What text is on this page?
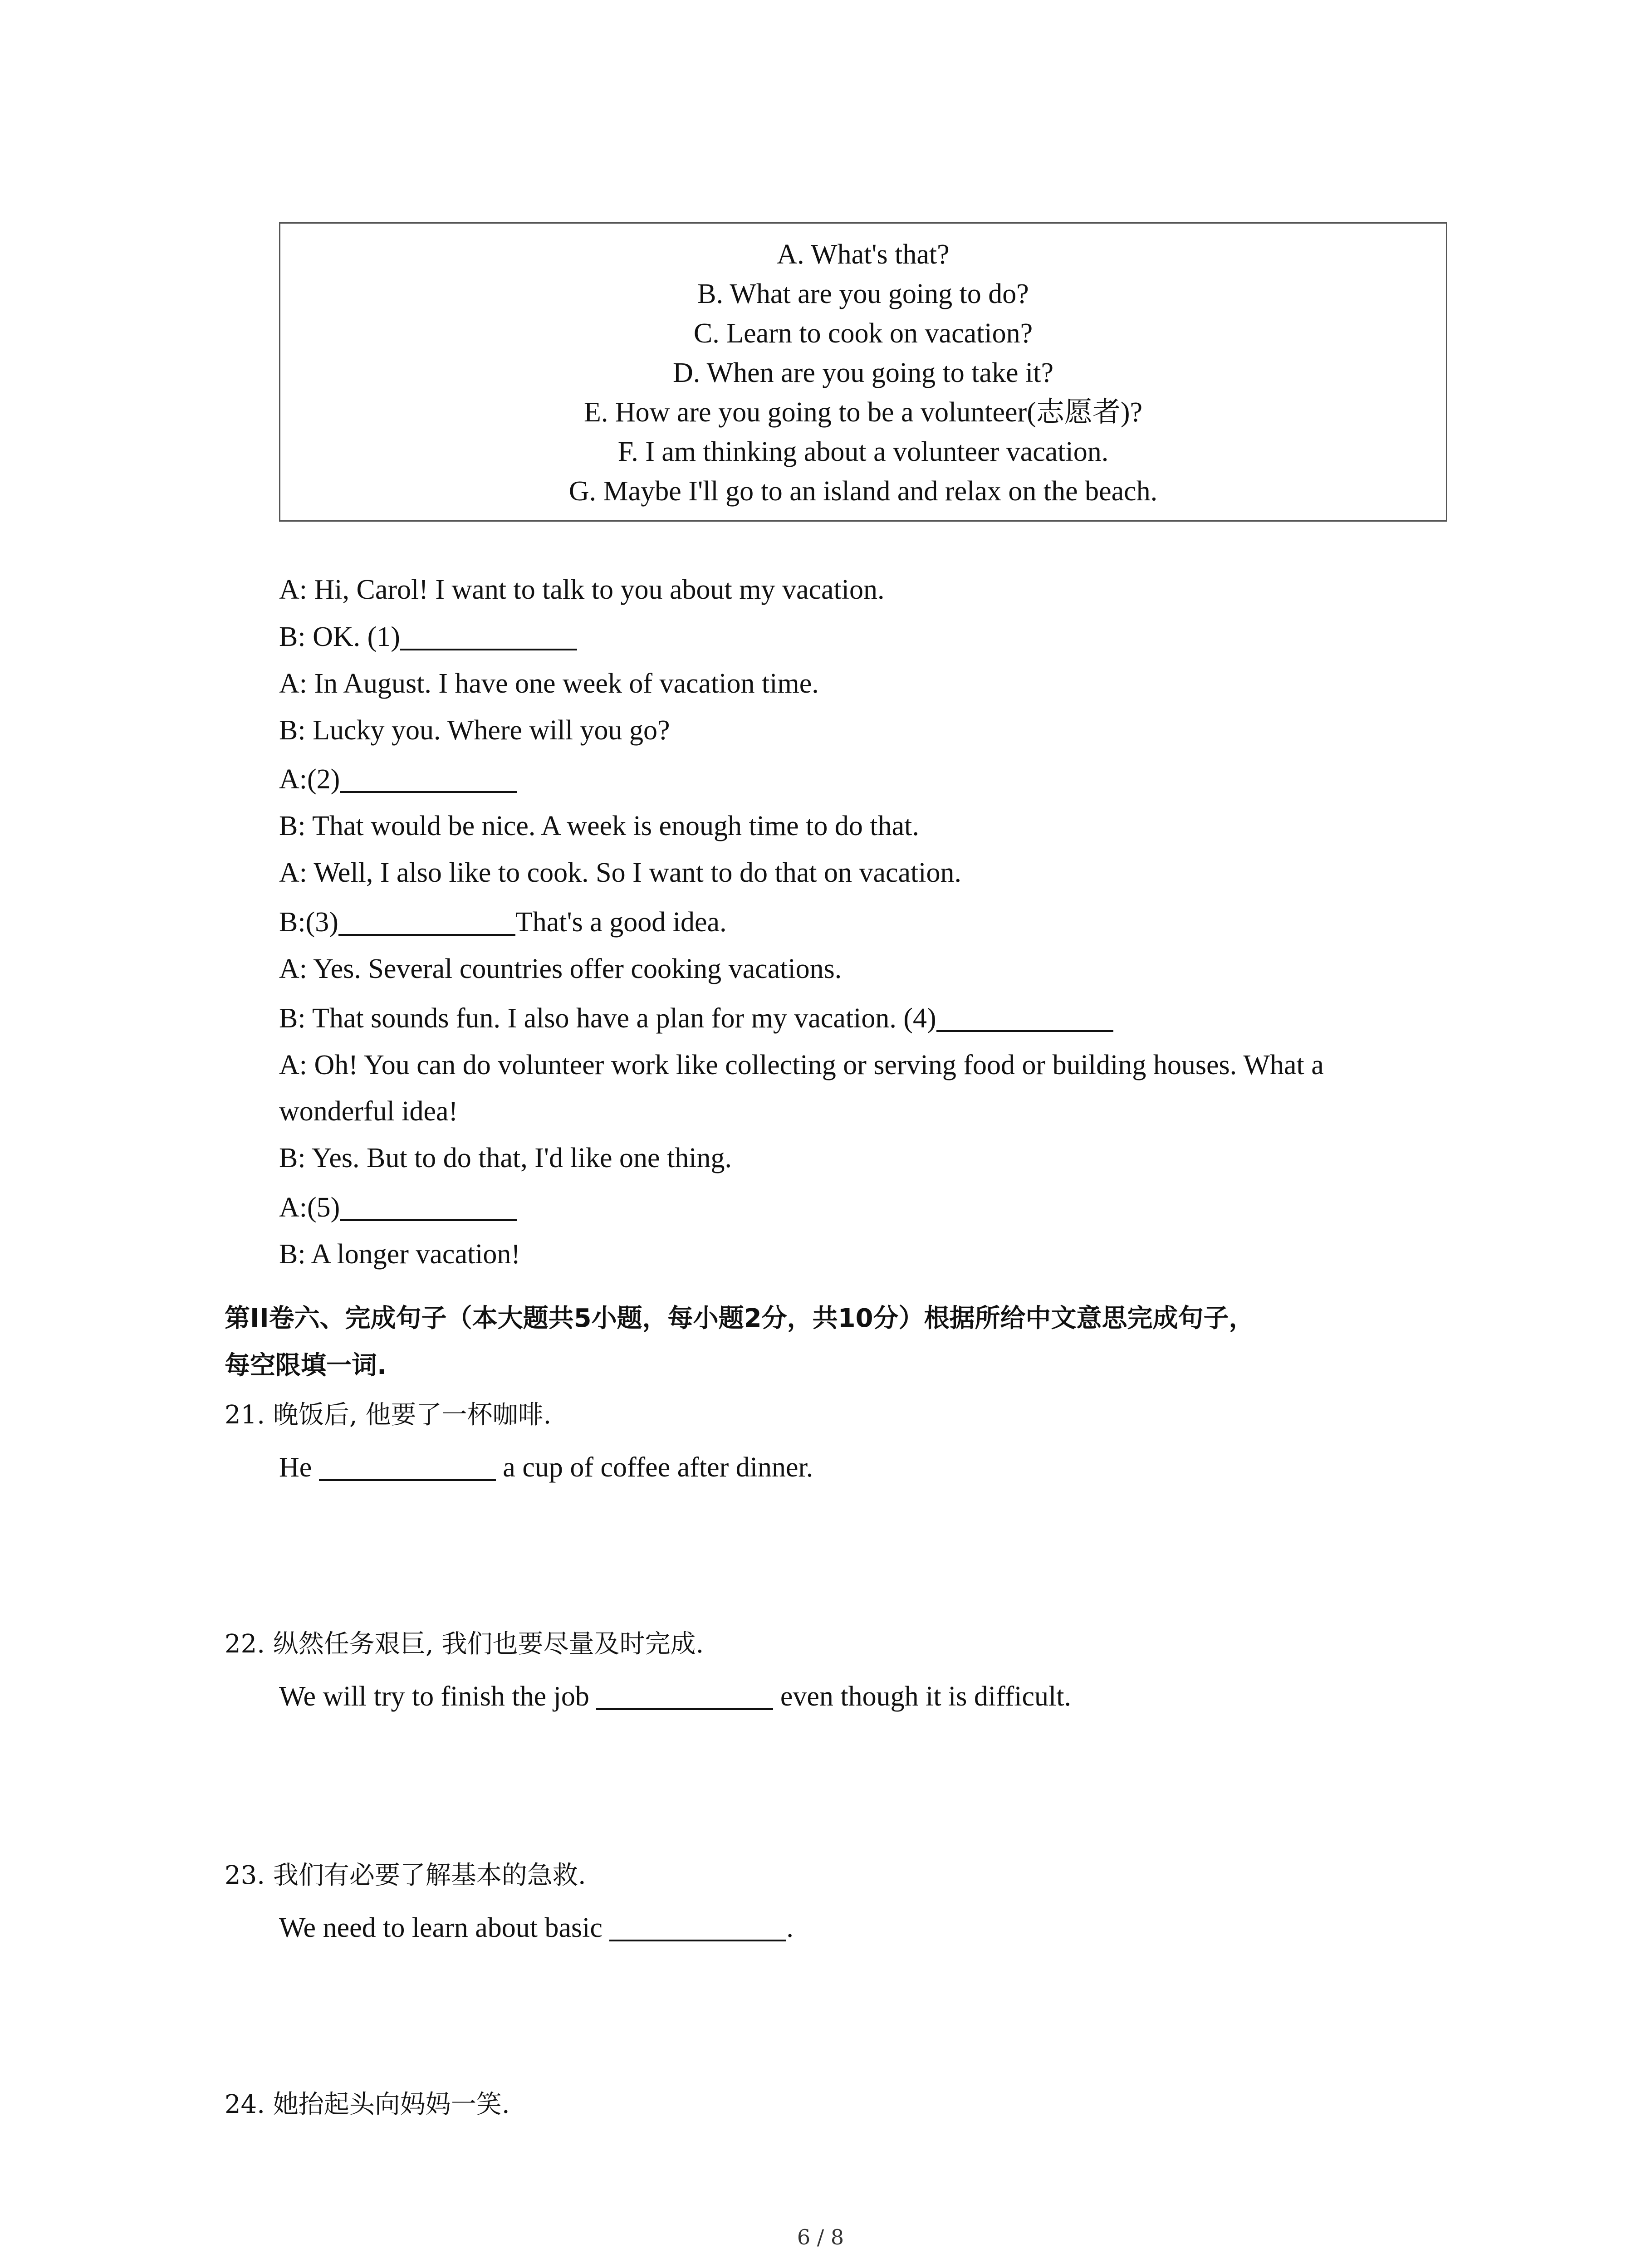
A. What's that?
B. What are you going to do?
C. Learn to cook on vacation?
D. When are you going to take it?
E. How are you going to be a volunteer(志愿者)?
F. I am thinking about a volunteer vacation.
G. Maybe I'll go to an island and relax on the beach.
A: Hi, Carol! I want to talk to you about my vacation.
B: OK. (1)
A: In August. I have one week of vacation time.
B: Lucky you. Where will you go?
A:(2)
B: That would be nice. A week is enough time to do that.
A: Well, I also like to cook. So I want to do that on vacation.
B:(3)	That's a good idea.
A: Yes. Several countries offer cooking vacations.
B: That sounds fun. I also have a plan for my vacation. (4)
A: Oh! You can do volunteer work like collecting or serving food or building houses. What a
wonderful idea!
B: Yes. But to do that, I'd like one thing.
A:(5)
B: A longer vacation!
第II卷六、完成句子（本大题共5小题，每小题2分，共10分）根据所给中文意思完成句子，
每空限填一词.
21. 晚饭后, 他要了一杯咖啡.
He	a cup of coffee after dinner.
22. 纵然任务艰巨, 我们也要尽量及时完成.
We will try to finish the job	even though it is difficult.
23. 我们有必要了解基本的急救.
We need to learn about basic	.
24. 她抬起头向妈妈一笑.
6 / 8
